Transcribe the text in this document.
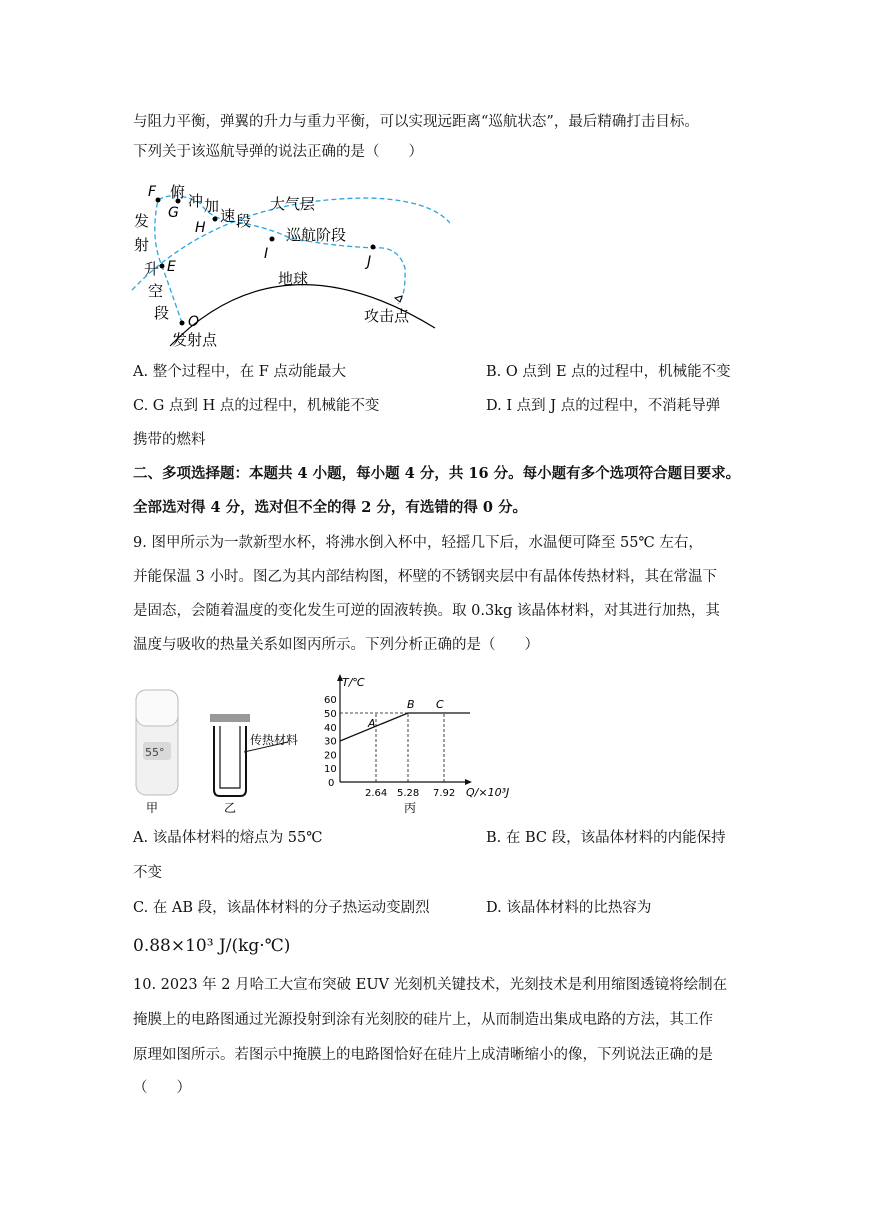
与阻力平衡，弹翼的升力与重力平衡，可以实现远距离“巡航状态”，最后精确打击目标。
下列关于该巡航导弹的说法正确的是（　　）
F
G
H
I	J
E
O
俯 冲 加
速 段
发
射
升
空
段
大气层
巡航阶段
地球
攻击点
发射点
A. 整个过程中，在 F 点动能最大	B. O 点到 E 点的过程中，机械能不变
C. G 点到 H 点的过程中，机械能不变	D. I 点到 J 点的过程中，不消耗导弹
携带的燃料
二、多项选择题：本题共 4 小题，每小题 4 分，共 16 分。每小题有多个选项符合题目要求。
全部选对得 4 分，选对但不全的得 2 分，有选错的得 0 分。
9. 图甲所示为一款新型水杯，将沸水倒入杯中，轻摇几下后，水温便可降至 55℃ 左右，
并能保温 3 小时。图乙为其内部结构图，杯壁的不锈钢夹层中有晶体传热材料，其在常温下
是固态，会随着温度的变化发生可逆的固液转换。取 0.3kg 该晶体材料，对其进行加热，其
温度与吸收的热量关系如图丙所示。下列分析正确的是（　　）
55°
甲
传热材料
乙
T/℃
Q/×10³J
0
60
50
40
30
20
10
2.64 5.28 7.92
A
B C
丙
A. 该晶体材料的熔点为 55℃	B. 在 BC 段，该晶体材料的内能保持
不变
C. 在 AB 段，该晶体材料的分子热运动变剧烈	D. 该晶体材料的比热容为
0.88×10³ J/(kg·℃)
10. 2023 年 2 月哈工大宣布突破 EUV 光刻机关键技术，光刻技术是利用缩图透镜将绘制在
掩膜上的电路图通过光源投射到涂有光刻胶的硅片上，从而制造出集成电路的方法，其工作
原理如图所示。若图示中掩膜上的电路图恰好在硅片上成清晰缩小的像，下列说法正确的是
（　　）
